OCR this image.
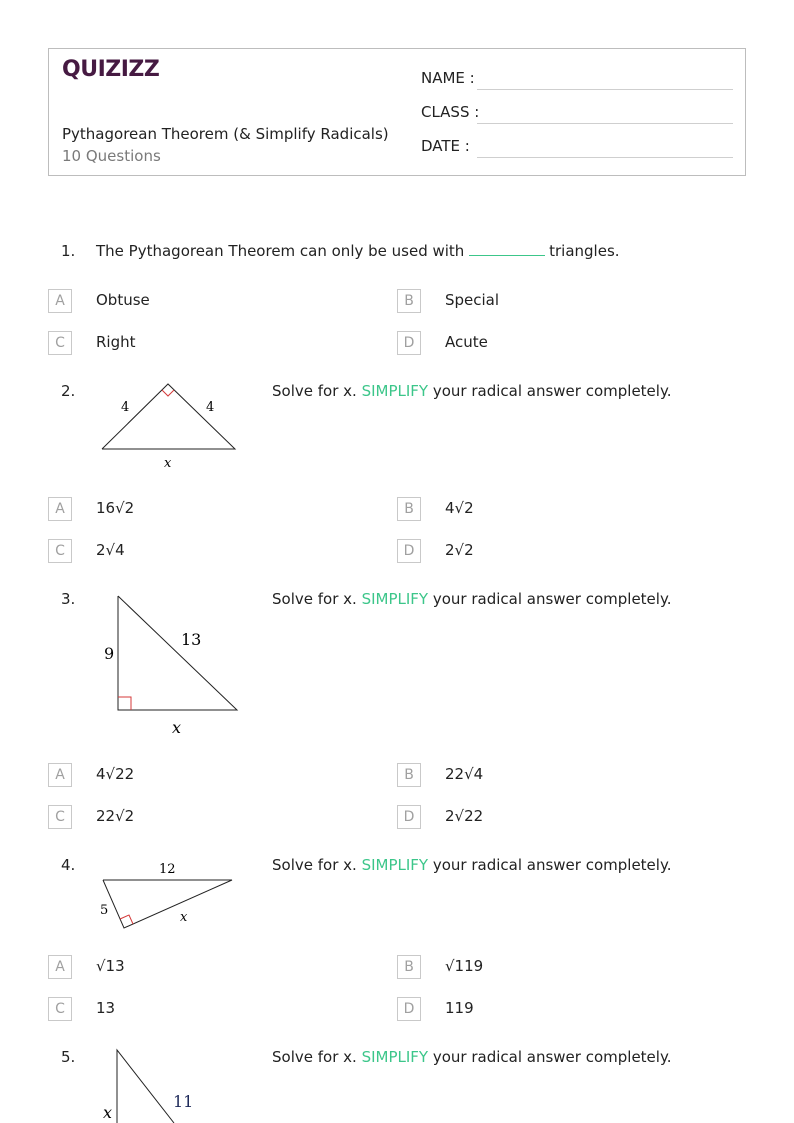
QUIZIZZ
Pythagorean Theorem (& Simplify Radicals)
10 Questions
NAME :
CLASS :
DATE :
1. The Pythagorean Theorem can only be used with	triangles.
A	Obtuse	B	Special
C	Right	D	Acute
2.
4	4
x
Solve for x. SIMPLIFY your radical answer completely.
A	16√2	B	4√2
C	2√4	D	2√2
3.
9
13
x
Solve for x. SIMPLIFY your radical answer completely.
A	4√22	B	22√4
C	22√2	D	2√22
4.	12
5	x
Solve for x. SIMPLIFY your radical answer completely.
A	√13	B	√119
C	13	D	119
5.
x
11
Solve for x. SIMPLIFY your radical answer completely.
